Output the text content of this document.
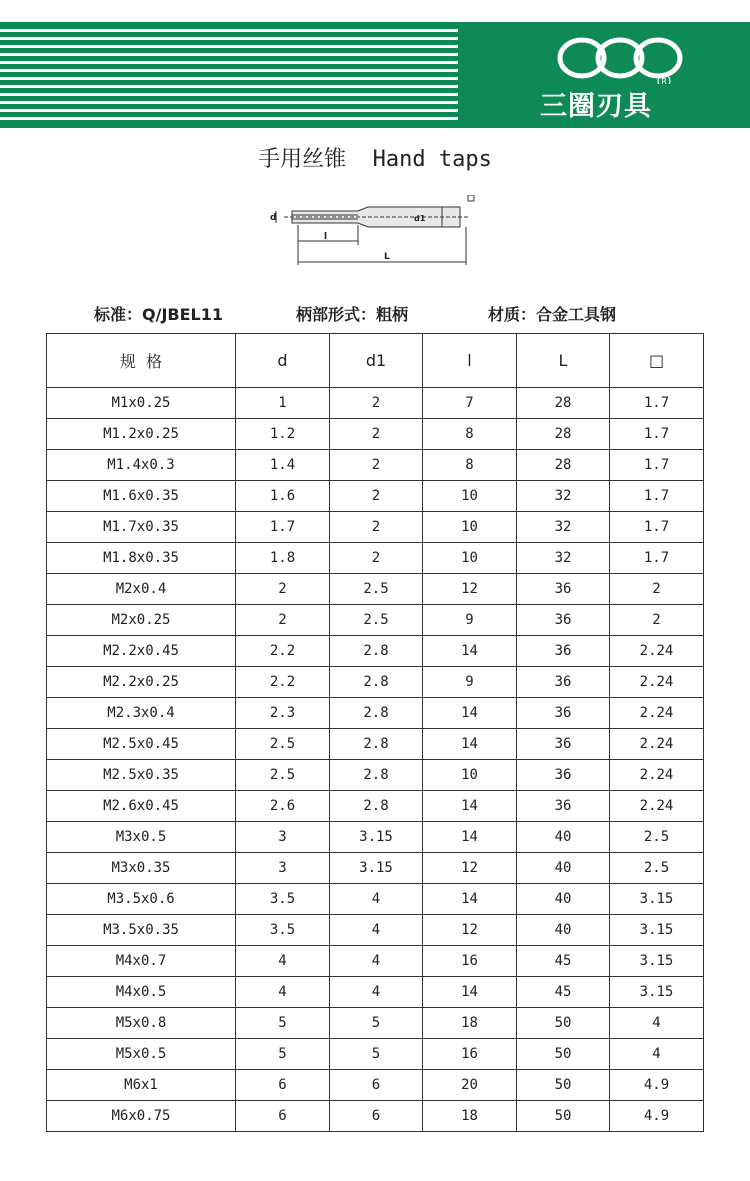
R
三圈刃具
手用丝锥  Hand taps
d
l
d1
L
标准：Q/JBEL11	柄部形式：粗柄	材质：合金工具钢
规  格	d	d1	l	L	□
M1x0.25	1	2	7	28	1.7
M1.2x0.25	1.2	2	8	28	1.7
M1.4x0.3	1.4	2	8	28	1.7
M1.6x0.35	1.6	2	10	32	1.7
M1.7x0.35	1.7	2	10	32	1.7
M1.8x0.35	1.8	2	10	32	1.7
M2x0.4	2	2.5	12	36	2
M2x0.25	2	2.5	9	36	2
M2.2x0.45	2.2	2.8	14	36	2.24
M2.2x0.25	2.2	2.8	9	36	2.24
M2.3x0.4	2.3	2.8	14	36	2.24
M2.5x0.45	2.5	2.8	14	36	2.24
M2.5x0.35	2.5	2.8	10	36	2.24
M2.6x0.45	2.6	2.8	14	36	2.24
M3x0.5	3	3.15	14	40	2.5
M3x0.35	3	3.15	12	40	2.5
M3.5x0.6	3.5	4	14	40	3.15
M3.5x0.35	3.5	4	12	40	3.15
M4x0.7	4	4	16	45	3.15
M4x0.5	4	4	14	45	3.15
M5x0.8	5	5	18	50	4
M5x0.5	5	5	16	50	4
M6x1	6	6	20	50	4.9
M6x0.75	6	6	18	50	4.9
